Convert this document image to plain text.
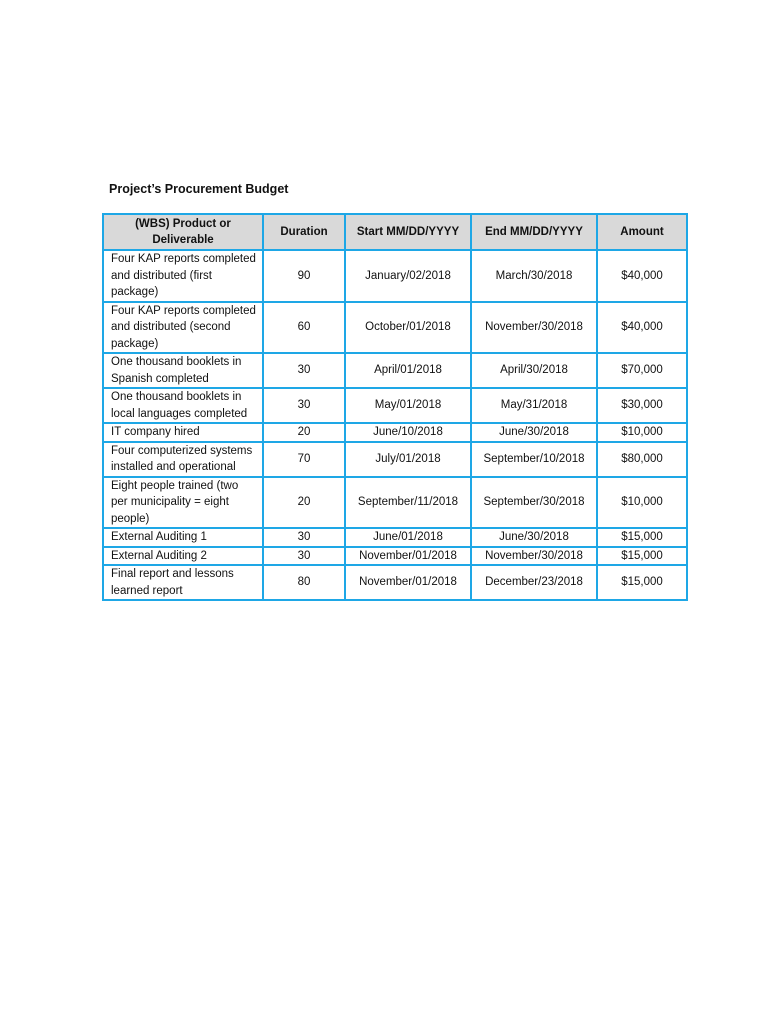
Project’s Procurement Budget
(WBS) Product or Deliverable	Duration	Start MM/DD/YYYY	End MM/DD/YYYY	Amount
Four KAP reports completed and distributed (first package)	90	January/02/2018	March/30/2018	$40,000
Four KAP reports completed and distributed (second package)	60	October/01/2018	November/30/2018	$40,000
One thousand booklets in Spanish completed	30	April/01/2018	April/30/2018	$70,000
One thousand booklets in local languages completed	30	May/01/2018	May/31/2018	$30,000
IT company hired	20	June/10/2018	June/30/2018	$10,000
Four computerized systems installed and operational	70	July/01/2018	September/10/2018	$80,000
Eight people trained (two per municipality = eight people)	20	September/11/2018	September/30/2018	$10,000
External Auditing 1	30	June/01/2018	June/30/2018	$15,000
External Auditing 2	30	November/01/2018	November/30/2018	$15,000
Final report and lessons learned report	80	November/01/2018	December/23/2018	$15,000
